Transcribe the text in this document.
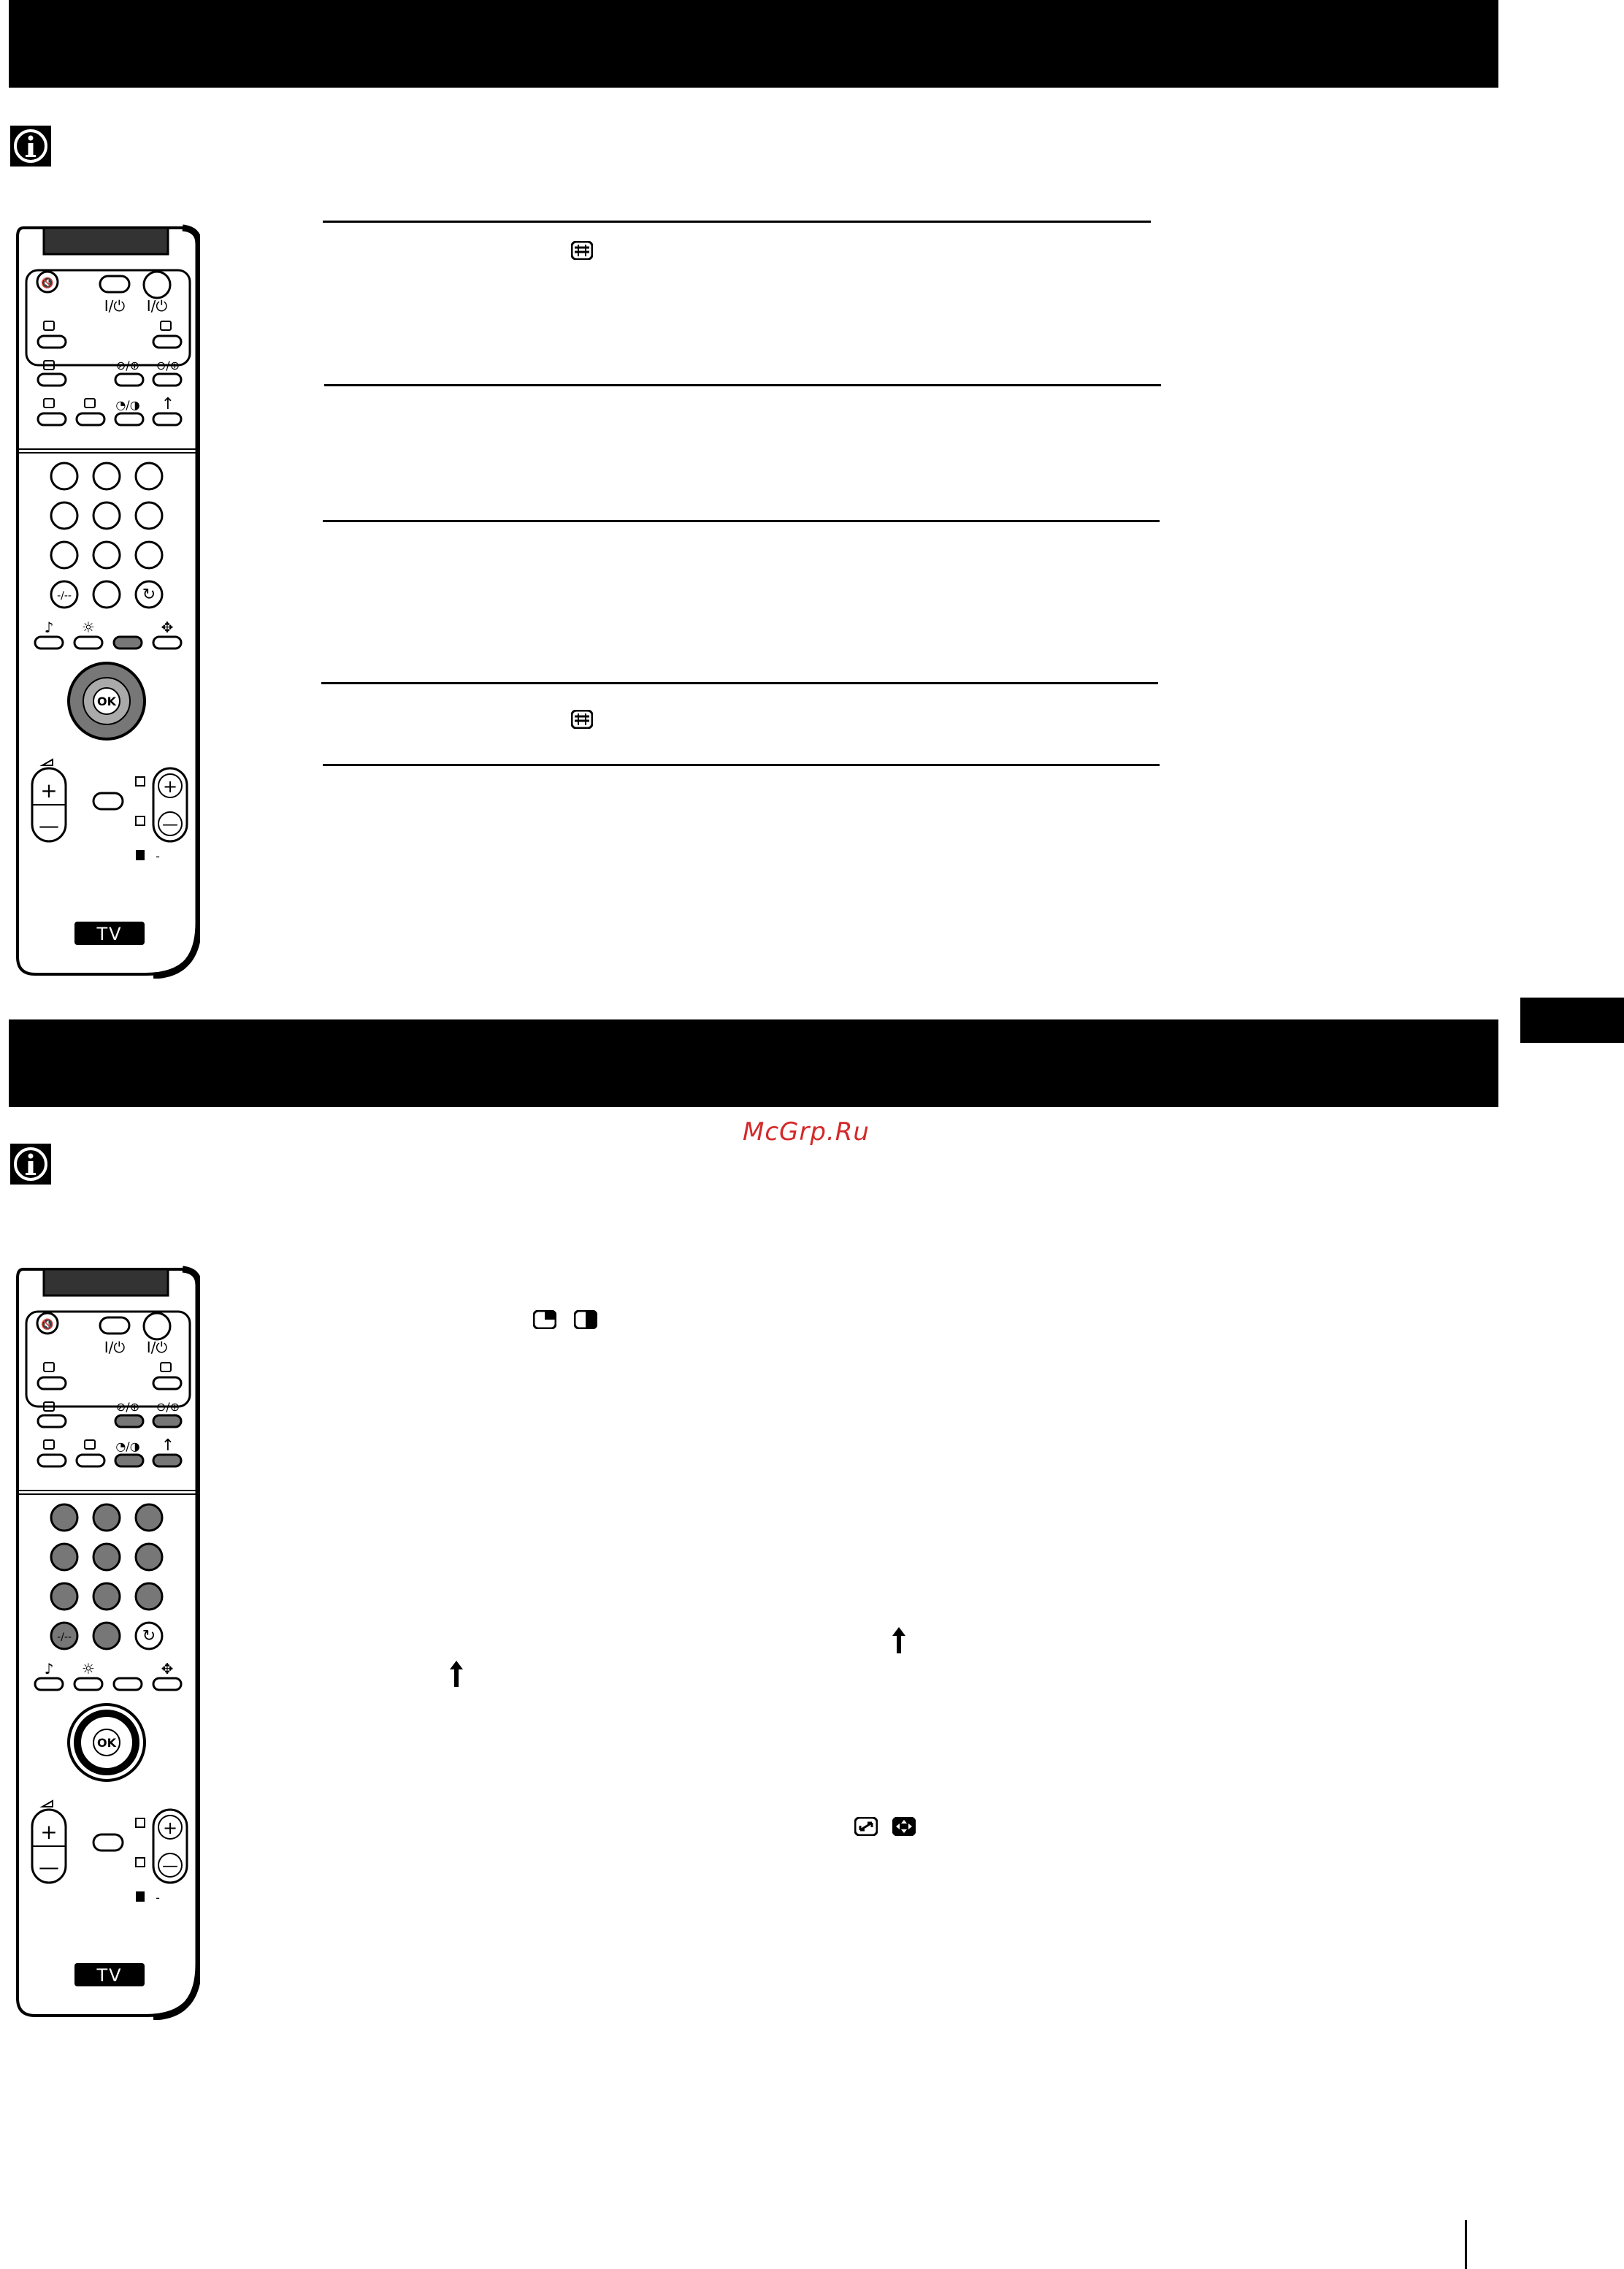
🔇
I/⏻ I/⏻
⊘/⊕ ⊖/⊕
◔/◑ ↑
-/--	↻
♪ ☼	✥
OK
+
—
+
—
-
TV
McGrp.Ru
🔇
I/⏻ I/⏻
⊘/⊕ ⊖/⊕
◔/◑ ↑
-/--	↻
♪ ☼	✥
OK
+
—
+
—
-
TV
